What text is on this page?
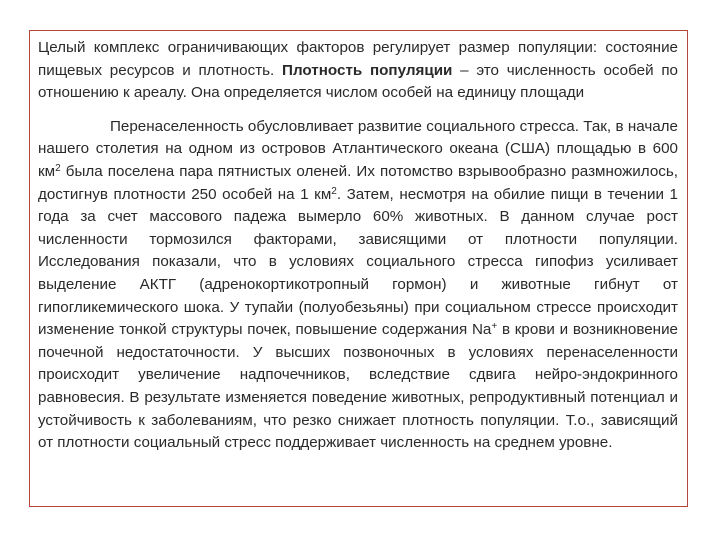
Целый комплекс ограничивающих факторов регулирует размер популяции: состояние пищевых ресурсов и плотность. Плотность популяции – это численность особей по отношению к ареалу. Она определяется числом особей на единицу площади

Перенаселенность обусловливает развитие социального стресса. Так, в начале нашего столетия на одном из островов Атлантического океана (США) площадью в 600 $км^2$ была поселена пара пятнистых оленей. Их потомство взрывообразно размножилось, достигнув плотности 250 особей на 1 $км^2$. Затем, несмотря на обилие пищи в течении 1 года за счет массового падежа вымерло 60% животных. В данном случае рост численности тормозился факторами, зависящими от плотности популяции. Исследования показали, что в условиях социального стресса гипофиз усиливает выделение АКТГ (адренокортикотропный гормон) и животные гибнут от гипогликемического шока. У тупайи (полуобезьяны) при социальном стрессе происходит изменение тонкой структуры почек, повышение содержания Na+ в крови и возникновение почечной недостаточности. У высших позвоночных в условиях перенаселенности происходит увеличение надпочечников, вследствие сдвига нейро-эндокринного равновесия. В результате изменяется поведение животных, репродуктивный потенциал и устойчивость к заболеваниям, что резко снижает плотность популяции. Т.о., зависящий от плотности социальный стресс поддерживает численность на среднем уровне.
